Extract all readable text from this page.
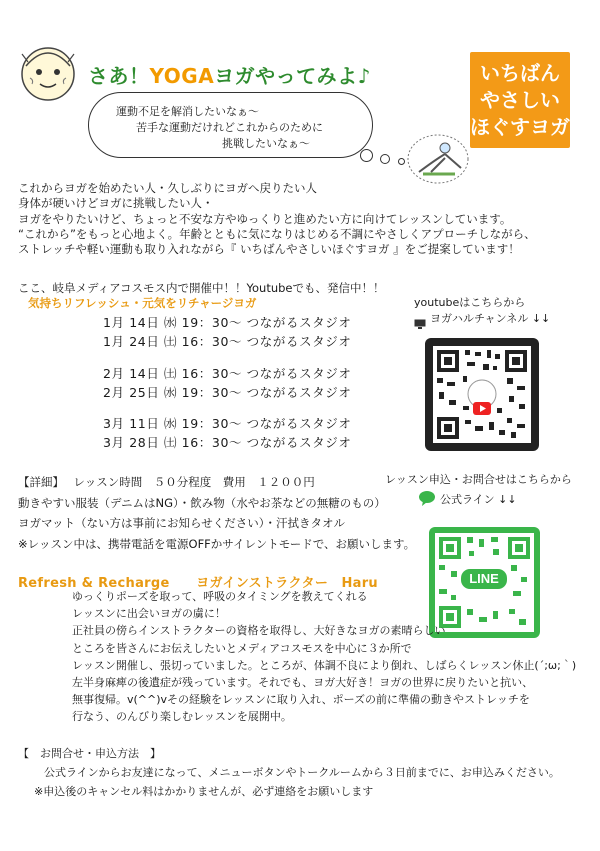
さあ！YOGAヨガやってみよ♪	いちばん
やさしい
ほぐすヨガ
運動不足を解消したいなぁ～
苦手な運動だけれどこれからのために
挑戦したいなぁ～
これからヨガを始めたい人・久しぶりにヨガへ戻りたい人
身体が硬いけどヨガに挑戦したい人・
ヨガをやりたいけど、ちょっと不安な方やゆっくりと進めたい方に向けてレッスンしています。
“これから”をもっと心地よく。年齢とともに気になりはじめる不調にやさしくアプローチしながら、
ストレッチや軽い運動も取り入れながら『 いちばんやさしいほぐすヨガ 』をご提案しています！
ここ、岐阜メディアコスモス内で開催中！！Youtubeでも、発信中！！
気持ちリフレッシュ・元気をリチャージヨガ
1月 14日 ㈬ 19：30～ つながるスタジオ
1月 24日 ㈯ 16：30～ つながるスタジオ
2月 14日 ㈯ 16：30～ つながるスタジオ
2月 25日 ㈬ 19：30～ つながるスタジオ
3月 11日 ㈬ 19：30～ つながるスタジオ
3月 28日 ㈯ 16：30～ つながるスタジオ
youtubeはこちらから
ヨガハルチャンネル ↓↓
【詳細】　 レッスン時間　５０分程度　費用　１２００円
動きやすい服装（デニムはNG）・飲み物（水やお茶などの無糖のもの）
ヨガマット（ない方は事前にお知らせください）・汗拭きタオル
※レッスン中は、携帯電話を電源OFFかサイレントモードで、お願いします。
レッスン申込・お問合せはこちらから
公式ライン ↓↓
LINE
Refresh & Recharge　　ヨガインストラクター　Haru
ゆっくりポーズを取って、呼吸のタイミングを教えてくれる
レッスンに出会いヨガの虜に！
正社員の傍らインストラクターの資格を取得し、大好きなヨガの素晴らしい
ところを皆さんにお伝えしたいとメディアコスモスを中心に３か所で
レッスン開催し、張切っていました。ところが、体調不良により倒れ、しばらくレッスン休止(´;ω;｀)
左半身麻痺の後遺症が残っています。それでも、ヨガ大好き！ヨガの世界に戻りたいと抗い、
無事復帰。v(^^)vその経験をレッスンに取り入れ、ポーズの前に準備の動きやストレッチを
行なう、のんびり楽しむレッスンを展開中。
【　お問合せ・申込方法　】
公式ラインからお友達になって、メニューボタンやトークルームから３日前までに、お申込みください。
※申込後のキャンセル料はかかりませんが、必ず連絡をお願いします
